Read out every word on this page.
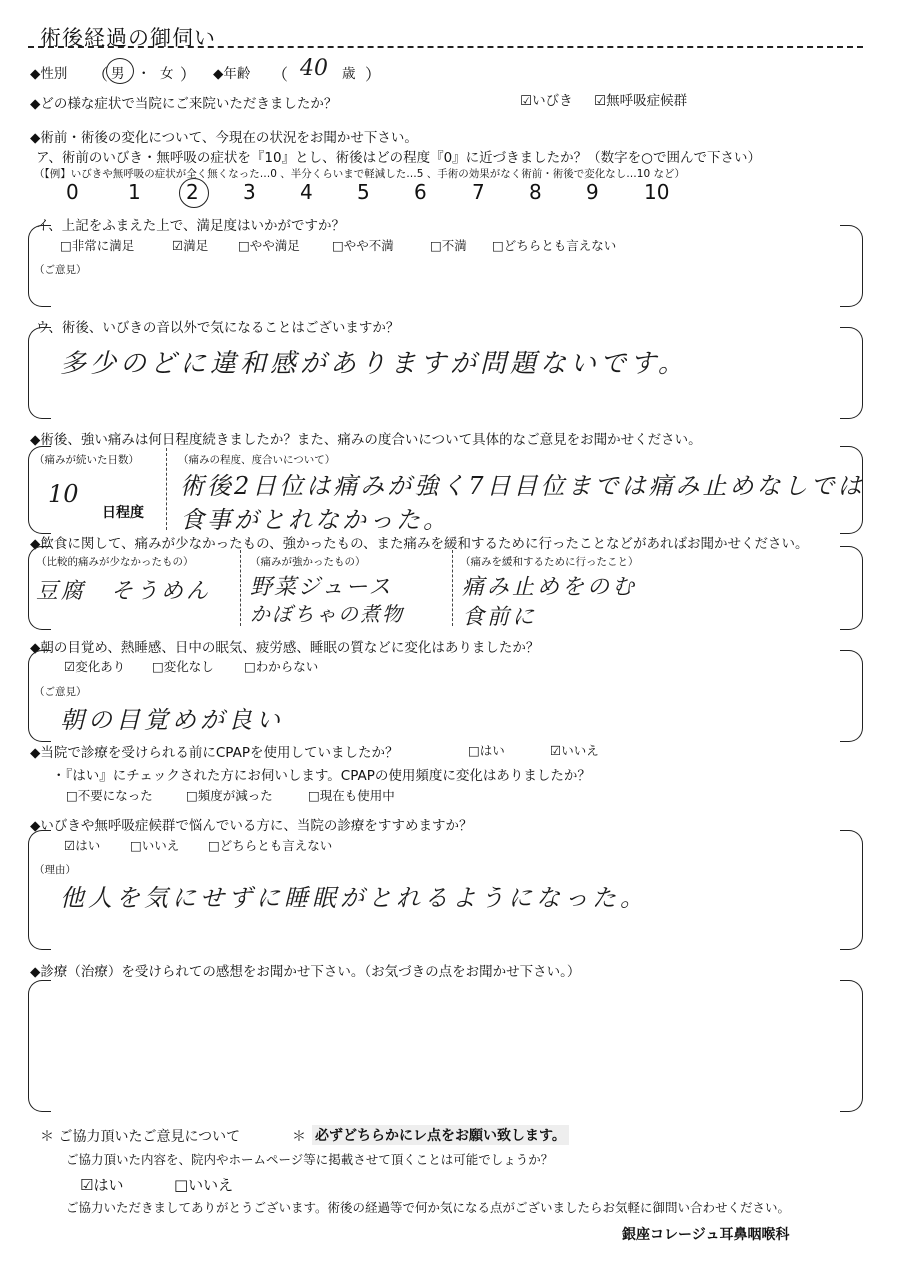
術後経過の御伺い
◆性別 （ 男 ・ 女 ） ◆年齢 （ 40 歳 ）
◆どの様な症状で当院にご来院いただきましたか？	☑いびき ☑無呼吸症候群
◆術前・術後の変化について、今現在の状況をお聞かせ下さい。
ア、術前のいびき・無呼吸の症状を『10』とし、術後はどの程度『0』に近づきましたか？（数字を○で囲んで下さい）
（【例】いびきや無呼吸の症状が全く無くなった…0 、半分くらいまで軽減した…5 、手術の効果がなく術前・術後で変化なし…10 など）
0 1 2 3 4 5 6 7 8 9 10
イ、上記をふまえた上で、満足度はいかがですか？
□非常に満足	☑満足 □やや満足	□やや不満	□不満 □どちらとも言えない
（ご意見）
ウ、術後、いびきの音以外で気になることはございますか？
多少のどに違和感がありますが問題ないです。
◆術後、強い痛みは何日程度続きましたか？また、痛みの度合いについて具体的なご意見をお聞かせください。
（痛みが続いた日数）
10
日程度
（痛みの程度、度合いについて）
術後2日位は痛みが強く7日目位までは痛み止めなしでは
食事がとれなかった。
◆飲食に関して、痛みが少なかったもの、強かったもの、また痛みを緩和するために行ったことなどがあればお聞かせください。
（比較的痛みが少なかったもの）
豆腐　そうめん
（痛みが強かったもの）
野菜ジュース
かぼちゃの煮物
（痛みを緩和するために行ったこと）
痛み止めをのむ
食前に
◆朝の目覚め、熱睡感、日中の眠気、疲労感、睡眠の質などに変化はありましたか？
☑変化あり □変化なし □わからない
（ご意見）
朝の目覚めが良い
◆当院で診療を受けられる前にCPAPを使用していましたか？	□はい	☑いいえ
・『はい』にチェックされた方にお伺いします。CPAPの使用頻度に変化はありましたか？
□不要になった	□頻度が減った	□現在も使用中
◆いびきや無呼吸症候群で悩んでいる方に、当院の診療をすすめますか？
☑はい □いいえ □どちらとも言えない
（理由）
他人を気にせずに睡眠がとれるようになった。
◆診療（治療）を受けられての感想をお聞かせ下さい。（お気づきの点をお聞かせ下さい。）
＊ ご協力頂いたご意見について	＊ 必ずどちらかにレ点をお願い致します。
ご協力頂いた内容を、院内やホームページ等に掲載させて頂くことは可能でしょうか？
☑はい	□いいえ
ご協力いただきましてありがとうございます。術後の経過等で何か気になる点がございましたらお気軽に御問い合わせください。
銀座コレージュ耳鼻咽喉科
